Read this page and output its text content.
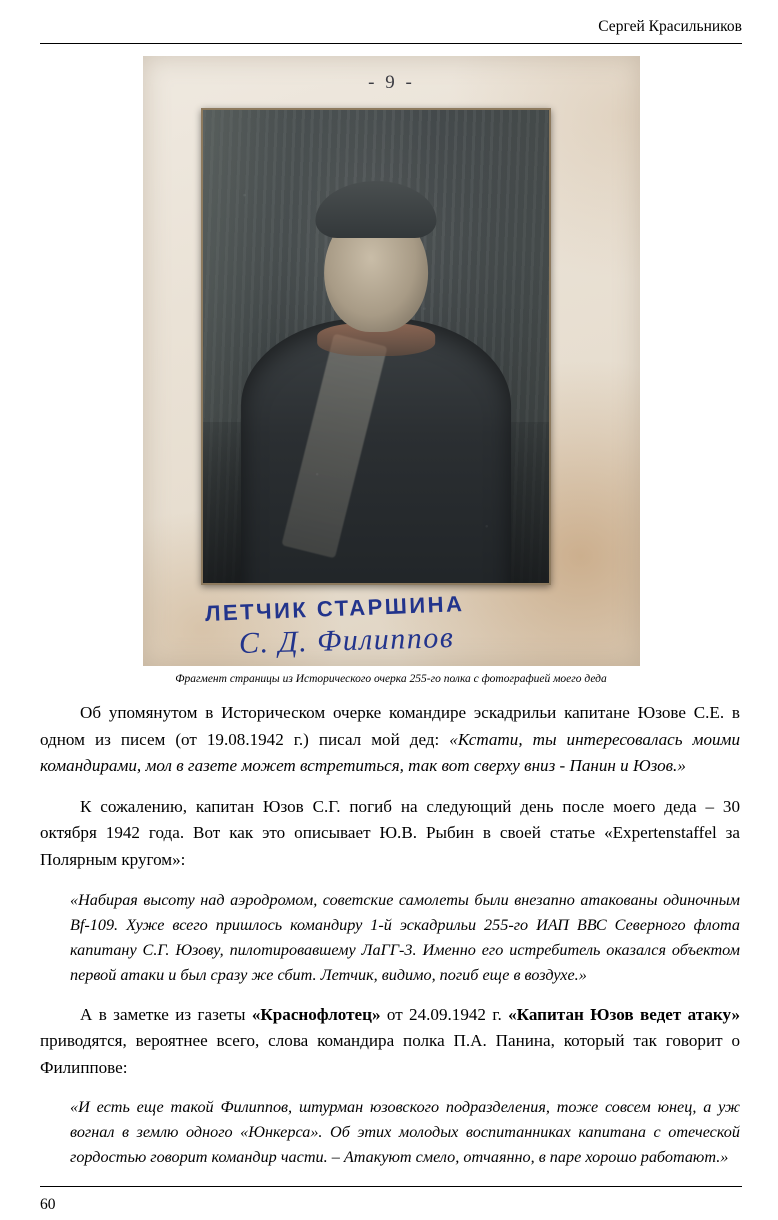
Сергей Красильников
- 9 -
ЛЕТЧИК СТАРШИНА
С. Д. Филиппов
Фрагмент страницы из Исторического очерка 255-го полка с фотографией моего деда

Об упомянутом в Историческом очерке командире эскадрильи капитане Юзове С.Е. в одном из писем (от 19.08.1942 г.) писал мой дед: «Кстати, ты интересовалась моими командирами, мол в газете может встретиться, так вот сверху вниз - Панин и Юзов.»

К сожалению, капитан Юзов С.Г. погиб на следующий день после моего деда – 30 октября 1942 года. Вот как это описывает Ю.В. Рыбин в своей статье «Expertenstaffel за Полярным кругом»:

«Набирая высоту над аэродромом, советские самолеты были внезапно атакованы одиночным Bf-109. Хуже всего пришлось командиру 1-й эскадрильи 255-го ИАП ВВС Северного флота капитану С.Г. Юзову, пилотировавшему ЛаГГ-3. Именно его истребитель оказался объектом первой атаки и был сразу же сбит. Летчик, видимо, погиб еще в воздухе.»

А в заметке из газеты «Краснофлотец» от 24.09.1942 г. «Капитан Юзов ведет атаку» приводятся, вероятнее всего, слова командира полка П.А. Панина, который так говорит о Филиппове:

«И есть еще такой Филиппов, штурман юзовского подразделения, тоже совсем юнец, а уж вогнал в землю одного «Юнкерса». Об этих молодых воспитанниках капитана с отеческой гордостью говорит командир части. – Атакуют смело, отчаянно, в паре хорошо работают.»

60
